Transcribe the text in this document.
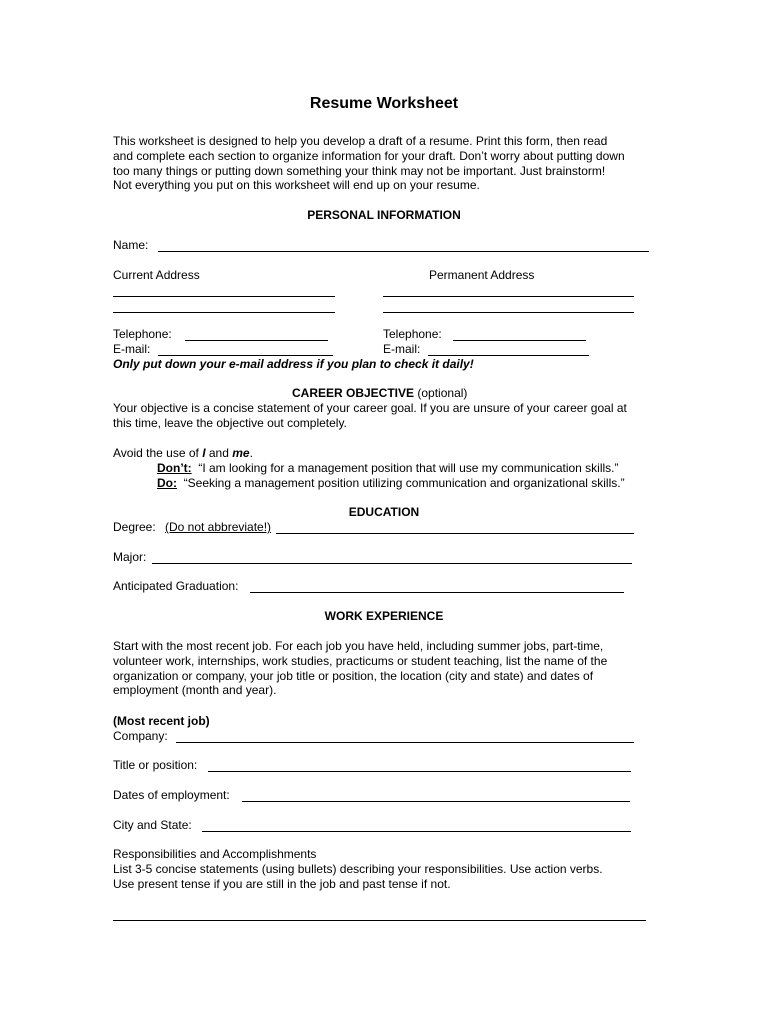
Resume Worksheet
This worksheet is designed to help you develop a draft of a resume. Print this form, then read
and complete each section to organize information for your draft. Don’t worry about putting down
too many things or putting down something your think may not be important. Just brainstorm!
Not everything you put on this worksheet will end up on your resume.
PERSONAL INFORMATION
Name:
Current Address	Permanent Address
Telephone:	Telephone:
E-mail:	E-mail:
Only put down your e-mail address if you plan to check it daily!
CAREER OBJECTIVE (optional)
Your objective is a concise statement of your career goal. If you are unsure of your career goal at
this time, leave the objective out completely.
Avoid the use of I and me.
Don’t: “I am looking for a management position that will use my communication skills.”
Do: “Seeking a management position utilizing communication and organizational skills.”
EDUCATION
Degree: (Do not abbreviate!)
Major:
Anticipated Graduation:
WORK EXPERIENCE
Start with the most recent job. For each job you have held, including summer jobs, part-time,
volunteer work, internships, work studies, practicums or student teaching, list the name of the
organization or company, your job title or position, the location (city and state) and dates of
employment (month and year).
(Most recent job)
Company:
Title or position:
Dates of employment:
City and State:
Responsibilities and Accomplishments
List 3-5 concise statements (using bullets) describing your responsibilities. Use action verbs.
Use present tense if you are still in the job and past tense if not.
